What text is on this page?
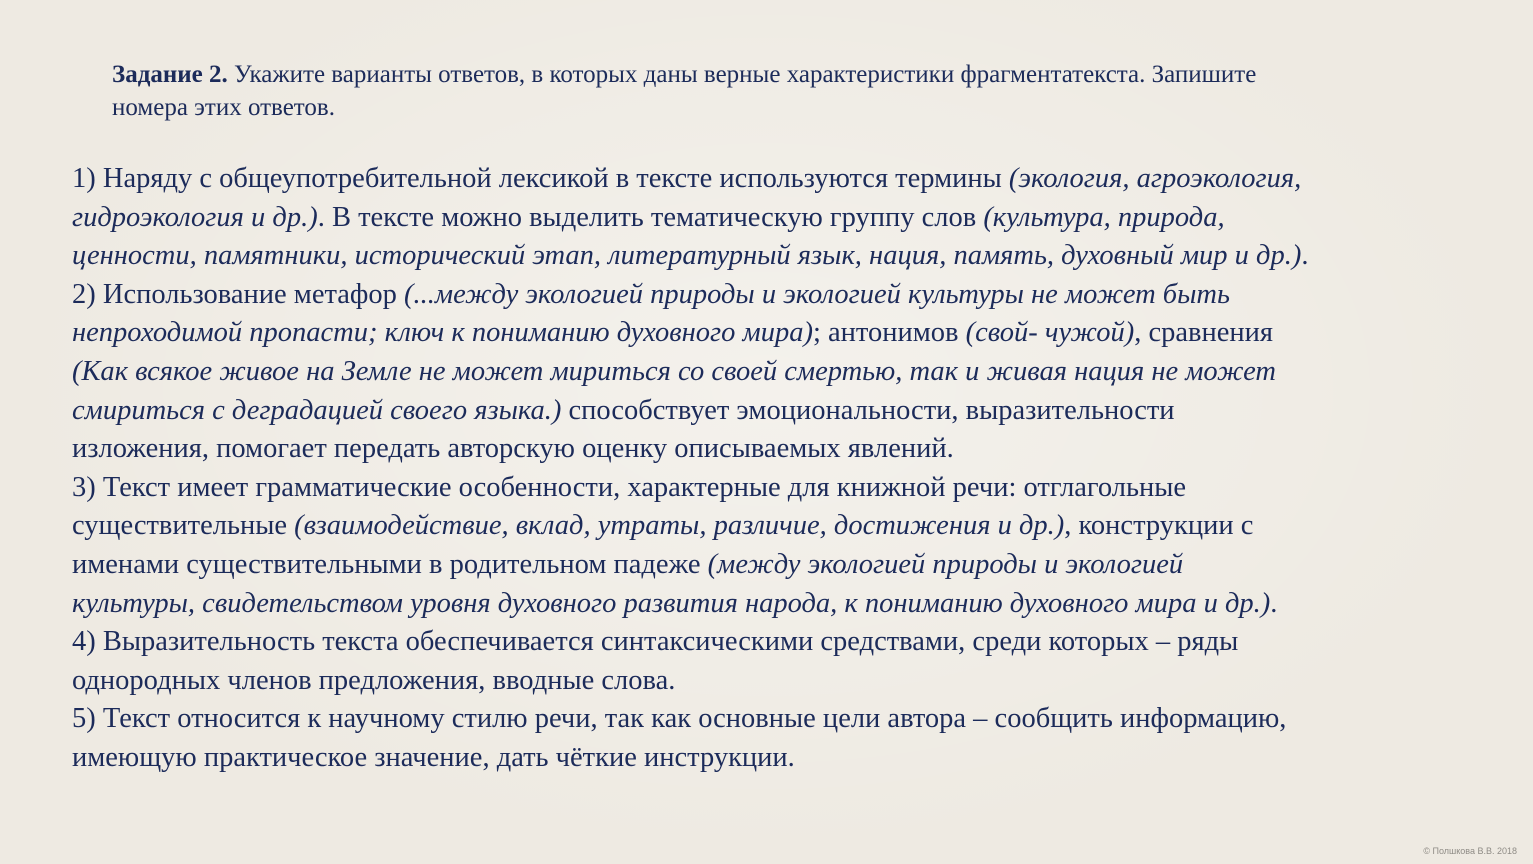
Задание 2. Укажите варианты ответов, в которых даны верные характеристики фрагментатекста. Запишите
номера этих ответов.
1) Наряду с общеупотребительной лексикой в тексте используются термины (экология, агроэкология,
гидроэкология и др.). В тексте можно выделить тематическую группу слов (культура, природа,
ценности, памятники, исторический этап, литературный язык, нация, память, духовный мир и др.).
2) Использование метафор (...между экологией природы и экологией культуры не может быть
непроходимой пропасти; ключ к пониманию духовного мира); антонимов (свой- чужой), сравнения
(Как всякое живое на Земле не может мириться со своей смертью, так и живая нация не может
смириться с деградацией своего языка.) способствует эмоциональности, выразительности
изложения, помогает передать авторскую оценку описываемых явлений.
3) Текст имеет грамматические особенности, характерные для книжной речи: отглагольные
существительные (взаимодействие, вклад, утраты, различие, достижения и др.), конструкции с
именами существительными в родительном падеже (между экологией природы и экологией
культуры, свидетельством уровня духовного развития народа, к пониманию духовного мира и др.).
4) Выразительность текста обеспечивается синтаксическими средствами, среди которых – ряды
однородных членов предложения, вводные слова.
5) Текст относится к научному стилю речи, так как основные цели автора – сообщить информацию,
имеющую практическое значение, дать чёткие инструкции.
© Полшкова В.В. 2018
